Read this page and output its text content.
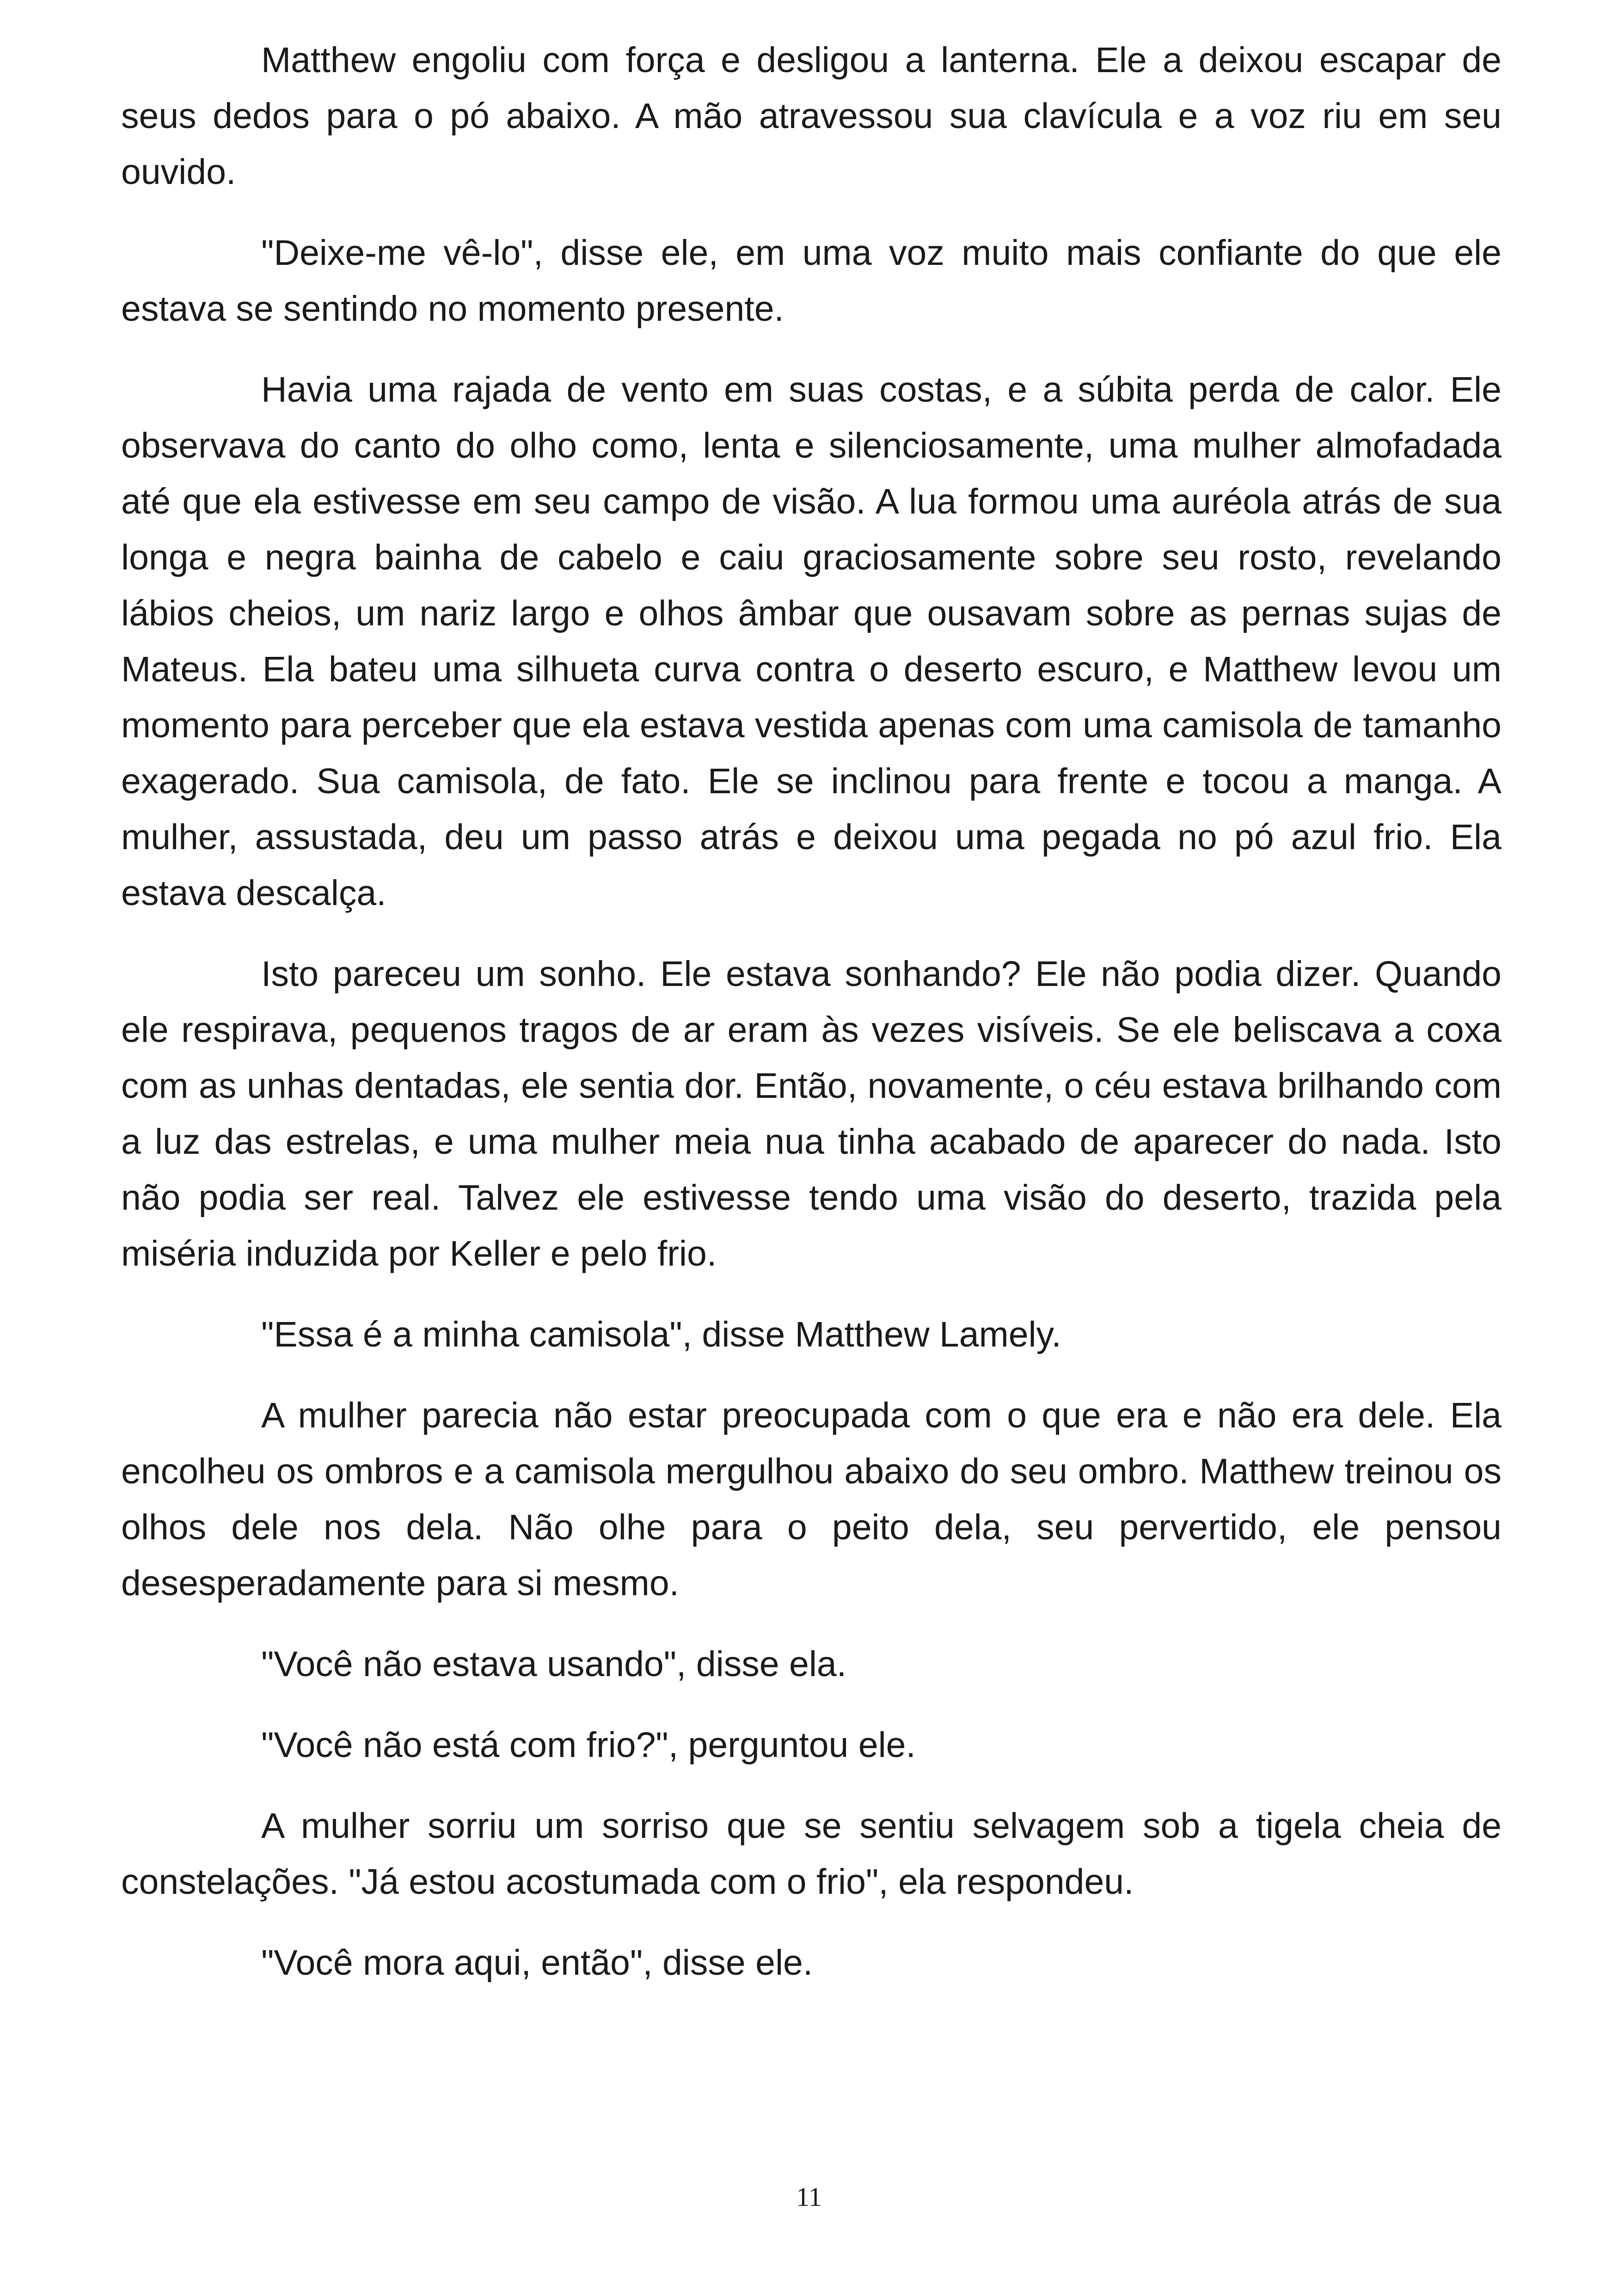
Matthew engoliu com força e desligou a lanterna. Ele a deixou escapar de seus dedos para o pó abaixo. A mão atravessou sua clavícula e a voz riu em seu ouvido.

"Deixe-me vê-lo", disse ele, em uma voz muito mais confiante do que ele estava se sentindo no momento presente.

Havia uma rajada de vento em suas costas, e a súbita perda de calor. Ele observava do canto do olho como, lenta e silenciosamente, uma mulher almofadada até que ela estivesse em seu campo de visão. A lua formou uma auréola atrás de sua longa e negra bainha de cabelo e caiu graciosamente sobre seu rosto, revelando lábios cheios, um nariz largo e olhos âmbar que ousavam sobre as pernas sujas de Mateus. Ela bateu uma silhueta curva contra o deserto escuro, e Matthew levou um momento para perceber que ela estava vestida apenas com uma camisola de tamanho exagerado. Sua camisola, de fato. Ele se inclinou para frente e tocou a manga. A mulher, assustada, deu um passo atrás e deixou uma pegada no pó azul frio. Ela estava descalça.

Isto pareceu um sonho. Ele estava sonhando? Ele não podia dizer. Quando ele respirava, pequenos tragos de ar eram às vezes visíveis. Se ele beliscava a coxa com as unhas dentadas, ele sentia dor. Então, novamente, o céu estava brilhando com a luz das estrelas, e uma mulher meia nua tinha acabado de aparecer do nada. Isto não podia ser real. Talvez ele estivesse tendo uma visão do deserto, trazida pela miséria induzida por Keller e pelo frio.

"Essa é a minha camisola", disse Matthew Lamely.

A mulher parecia não estar preocupada com o que era e não era dele. Ela encolheu os ombros e a camisola mergulhou abaixo do seu ombro. Matthew treinou os olhos dele nos dela. Não olhe para o peito dela, seu pervertido, ele pensou desesperadamente para si mesmo.

"Você não estava usando", disse ela.

"Você não está com frio?", perguntou ele.

A mulher sorriu um sorriso que se sentiu selvagem sob a tigela cheia de constelações. "Já estou acostumada com o frio", ela respondeu.

"Você mora aqui, então", disse ele.

11
